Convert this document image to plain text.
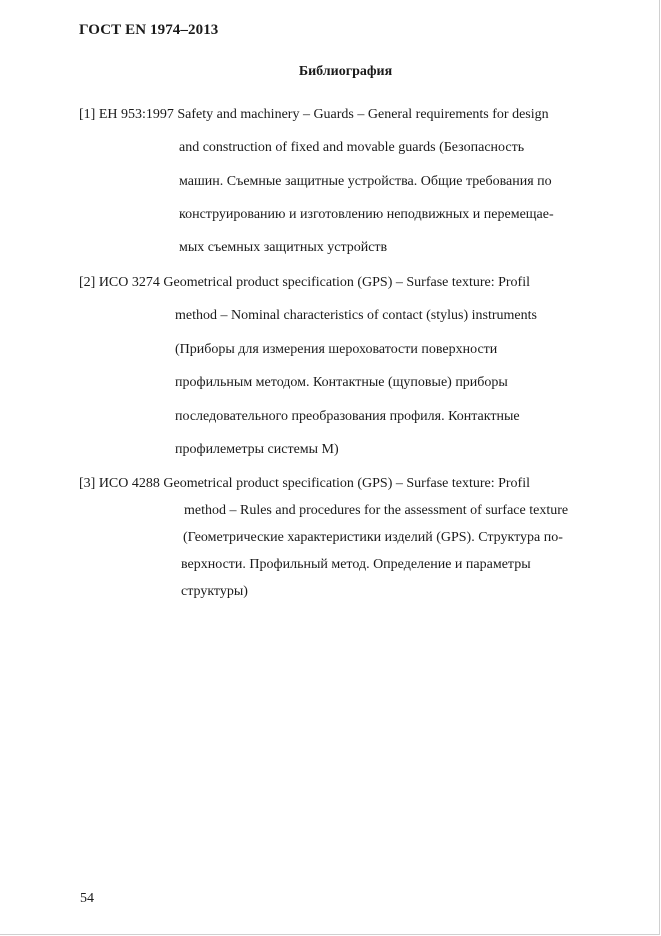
ГОСТ EN 1974–2013
Библиография
[1] EH 953:1997 Safety and machinery – Guards – General requirements for design
and construction of fixed and movable guards (Безопасность
машин. Съемные защитные устройства. Общие требования по
конструированию и изготовлению неподвижных и перемещае-
мых съемных защитных устройств
[2] ИСО 3274 Geometrical product specification (GPS) – Surfase texture: Profil
method – Nominal characteristics of contact (stylus) instruments
(Приборы для измерения шероховатости поверхности
профильным методом. Контактные (щуповые) приборы
последовательного преобразования профиля. Контактные
профилеметры системы М)
[3] ИСО 4288 Geometrical product specification (GPS) – Surfase texture: Profil
method – Rules and procedures for the assessment of surface texture
(Геометрические характеристики изделий (GPS). Структура по-
верхности. Профильный метод. Определение и параметры
структуры)
54
